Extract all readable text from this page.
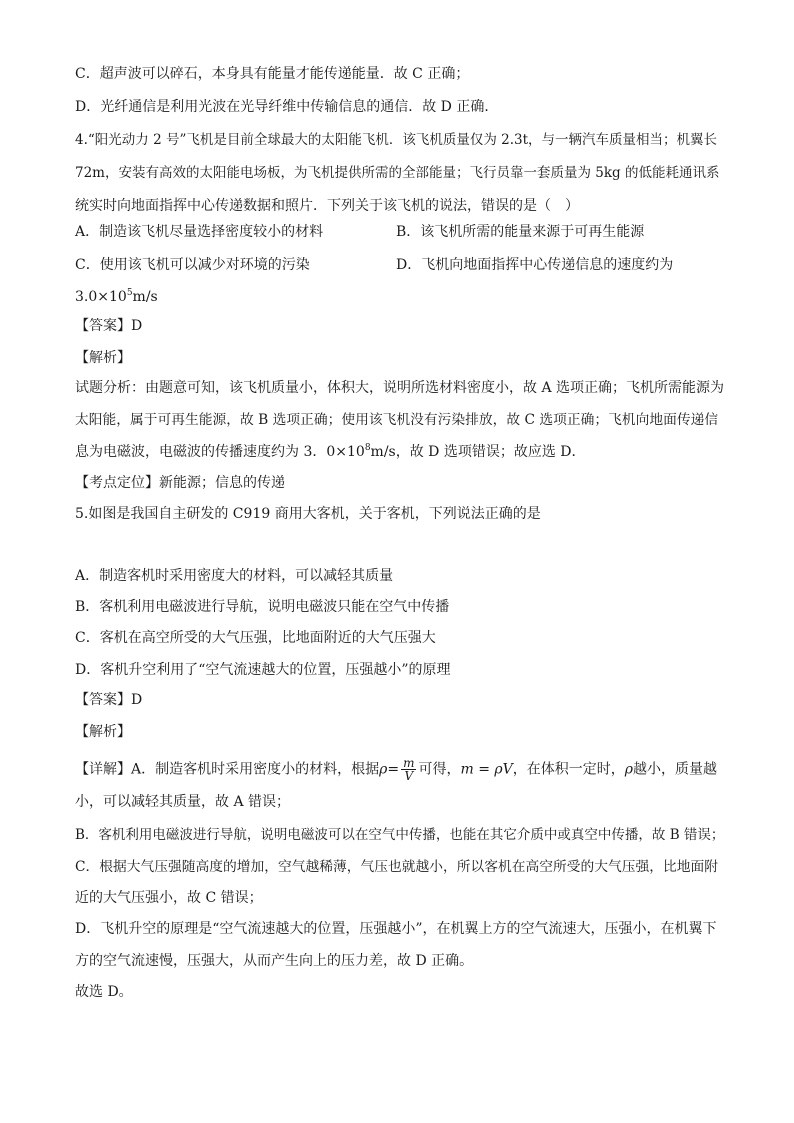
C．超声波可以碎石，本身具有能量才能传递能量．故 C 正确；
D．光纤通信是利用光波在光导纤维中传输信息的通信．故 D 正确．
4.“阳光动力 2 号”飞机是目前全球最大的太阳能飞机．该飞机质量仅为 2.3t，与一辆汽车质量相当；机翼长
72m，安装有高效的太阳能电场板，为飞机提供所需的全部能量；飞行员靠一套质量为 5kg 的低能耗通讯系
统实时向地面指挥中心传递数据和照片．下列关于该飞机的说法，错误的是（　）
A．制造该飞机尽量选择密度较小的材料	B．该飞机所需的能量来源于可再生能源
C．使用该飞机可以减少对环境的污染	D．飞机向地面指挥中心传递信息的速度约为
$3.0\times 10^5m/s$
【答案】D
【解析】
试题分析：由题意可知，该飞机质量小，体积大，说明所选材料密度小，故 A 选项正确；飞机所需能源为
太阳能，属于可再生能源，故 B 选项正确；使用该飞机没有污染排放，故 C 选项正确；飞机向地面传递信
息为电磁波，电磁波的传播速度约为 3．$0\times 10^8m/s$，故 D 选项错误；故应选 D．
【考点定位】新能源；信息的传递
5.如图是我国自主研发的 C919 商用大客机，关于客机，下列说法正确的是
A．制造客机时采用密度大的材料，可以减轻其质量
B．客机利用电磁波进行导航，说明电磁波只能在空气中传播
C．客机在高空所受的大气压强，比地面附近的大气压强大
D．客机升空利用了“空气流速越大的位置，压强越小”的原理
【答案】D
【解析】
【详解】A．制造客机时采用密度小的材料，根据$\rho= \frac{m}{V}$ 可得，m = ρV，在体积一定时，ρ越小，质量越
小，可以减轻其质量，故 A 错误；
B．客机利用电磁波进行导航，说明电磁波可以在空气中传播，也能在其它介质中或真空中传播，故 B 错误；
C．根据大气压强随高度的增加，空气越稀薄，气压也就越小，所以客机在高空所受的大气压强，比地面附
近的大气压强小，故 C 错误；
D．飞机升空的原理是“空气流速越大的位置，压强越小”，在机翼上方的空气流速大，压强小，在机翼下
方的空气流速慢，压强大，从而产生向上的压力差，故 D 正确。
故选 D。
